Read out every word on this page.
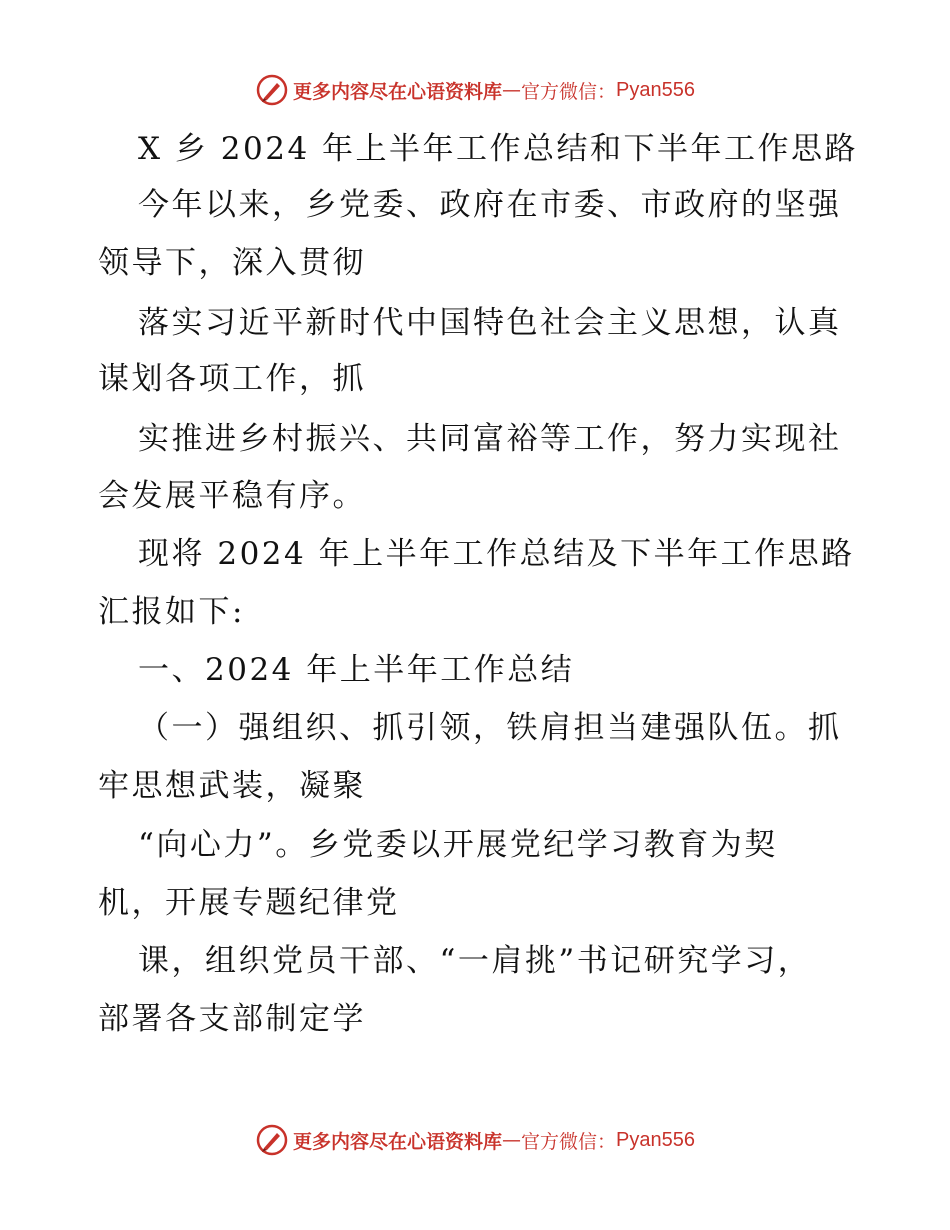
更多内容尽在心语资料库 — 官方微信： Pyan556
X 乡 2024 年上半年工作总结和下半年工作思路
今年以来，乡党委、政府在市委、市政府的坚强
领导下，深入贯彻
落实习近平新时代中国特色社会主义思想，认真
谋划各项工作，抓
实推进乡村振兴、共同富裕等工作，努力实现社
会发展平稳有序。
现将 2024 年上半年工作总结及下半年工作思路
汇报如下:
一、2024 年上半年工作总结
（一）强组织、抓引领，铁肩担当建强队伍。抓
牢思想武装，凝聚
“向心力”。乡党委以开展党纪学习教育为契
机，开展专题纪律党
课，组织党员干部、“一肩挑”书记研究学习，
部署各支部制定学
更多内容尽在心语资料库 — 官方微信： Pyan556
